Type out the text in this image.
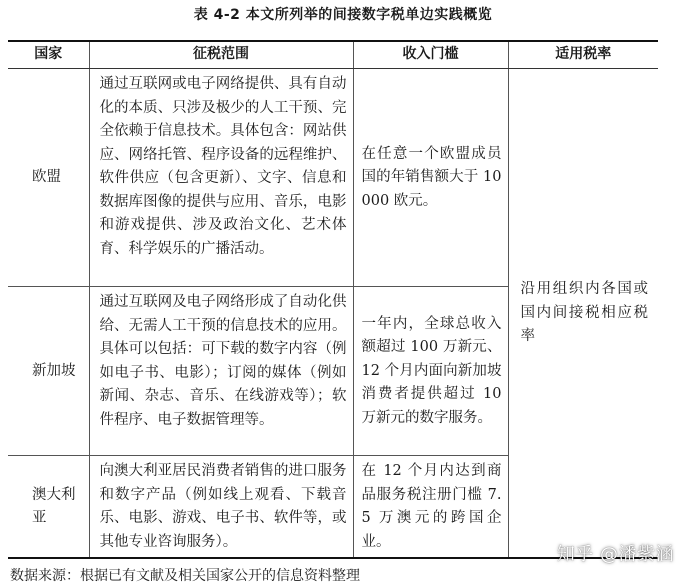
表 4-2 本文所列举的间接数字税单边实践概览
国家	征税范围	收入门槛	适用税率
欧盟	通过互联网或电子网络提供、具有自动化的本质、只涉及极少的人工干预、完全依赖于信息技术。具体包含：网站供应、网络托管、程序设备的远程维护、软件供应（包含更新）、文字、信息和数据库图像的提供与应用、音乐，电影和游戏提供、涉及政治文化、艺术体育、科学娱乐的广播活动。	在任意一个欧盟成员国的年销售额大于 10000 欧元。	沿用组织内各国或国内间接税相应税率
新加坡	通过互联网及电子网络形成了自动化供给、无需人工干预的信息技术的应用。具体可以包括：可下载的数字内容（例如电子书、电影）；订阅的媒体（例如新闻、杂志、音乐、在线游戏等）；软件程序、电子数据管理等。	一年内，全球总收入额超过 100 万新元、12 个月内面向新加坡消费者提供超过 10 万新元的数字服务。	
澳大利亚	向澳大利亚居民消费者销售的进口服务和数字产品（例如线上观看、下载音乐、电影、游戏、电子书、软件等，或其他专业咨询服务）。	在 12 个月内达到商品服务税注册门槛 7.5 万澳元的跨国企业。	
数据来源：根据已有文献及相关国家公开的信息资料整理
知乎 @潘紫涵
